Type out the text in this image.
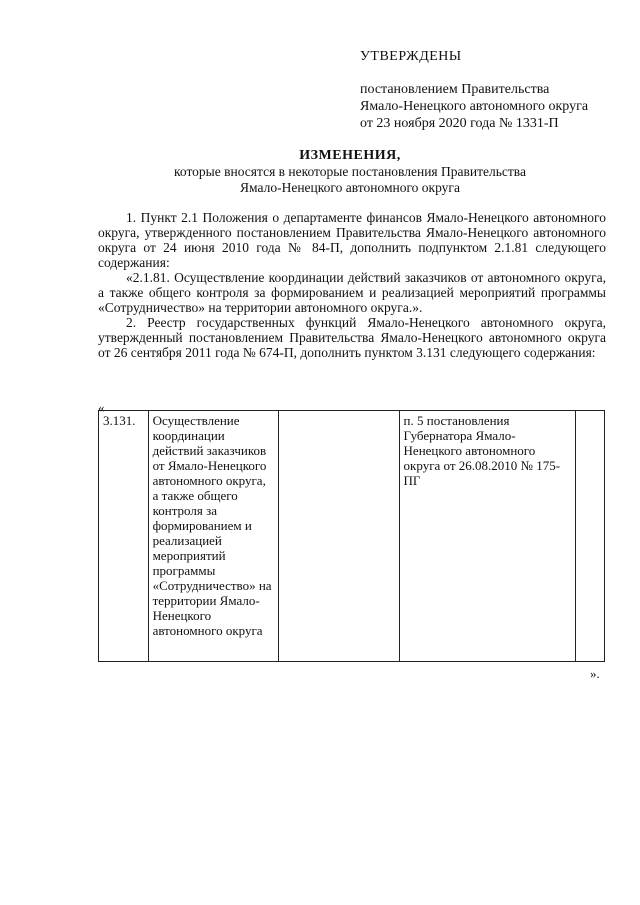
УТВЕРЖДЕНЫ
постановлением Правительства
Ямало-Ненецкого автономного округа
от 23 ноября 2020 года № 1331-П
ИЗМЕНЕНИЯ,
которые вносятся в некоторые постановления Правительства
Ямало-Ненецкого автономного округа

1. Пункт 2.1 Положения о департаменте финансов Ямало-Ненецкого автономного округа, утвержденного постановлением Правительства Ямало-Ненецкого автономного округа от 24 июня 2010 года № 84-П, дополнить подпунктом 2.1.81 следующего содержания:

«2.1.81. Осуществление координации действий заказчиков от автономного округа, а также общего контроля за формированием и реализацией мероприятий программы «Сотрудничество» на территории автономного округа.».

2. Реестр государственных функций Ямало-Ненецкого автономного округа, утвержденный постановлением Правительства Ямало-Ненецкого автономного округа от 26 сентября 2011 года № 674-П, дополнить пунктом 3.131 следующего содержания:

«
3.131.	Осуществление координации действий заказчиков от Ямало-Ненецкого автономного округа, а также общего контроля за формированием и реализацией мероприятий программы «Сотрудничество» на территории Ямало-Ненецкого автономного округа		п. 5 постановления Губернатора Ямало-Ненецкого автономного округа от 26.08.2010 № 175-ПГ	
».
